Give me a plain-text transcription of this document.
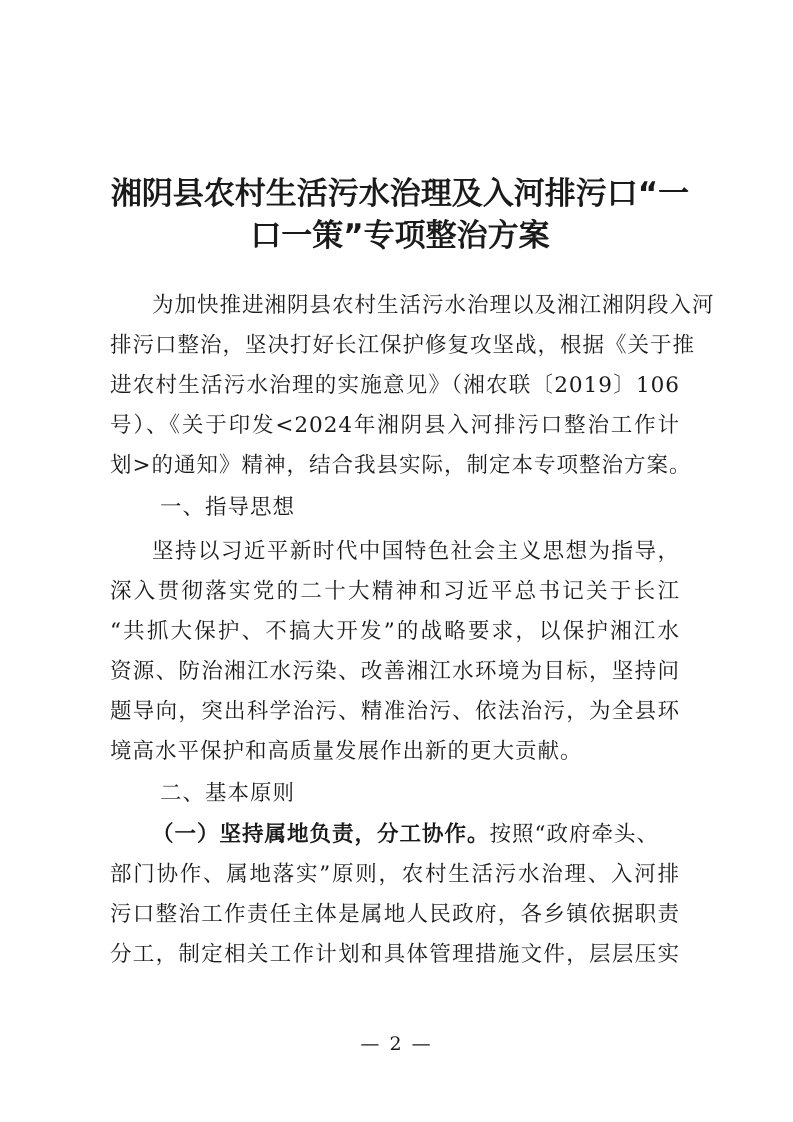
湘阴县农村生活污水治理及入河排污口“一
口一策”专项整治方案
为加快推进湘阴县农村生活污水治理以及湘江湘阴段入河
排污口整治，坚决打好长江保护修复攻坚战，根据《关于推
进农村生活污水治理的实施意见》（湘农联〔2019〕106
号）、《关于印发<2024年湘阴县入河排污口整治工作计
划>的通知》精神，结合我县实际，制定本专项整治方案。
一、指导思想
坚持以习近平新时代中国特色社会主义思想为指导，
深入贯彻落实党的二十大精神和习近平总书记关于长江
“共抓大保护、不搞大开发”的战略要求，以保护湘江水
资源、防治湘江水污染、改善湘江水环境为目标，坚持问
题导向，突出科学治污、精准治污、依法治污，为全县环
境高水平保护和高质量发展作出新的更大贡献。
二、基本原则
（一）坚持属地负责，分工协作。按照“政府牵头、
部门协作、属地落实”原则，农村生活污水治理、入河排
污口整治工作责任主体是属地人民政府，各乡镇依据职责
分工，制定相关工作计划和具体管理措施文件，层层压实
— 2 —
